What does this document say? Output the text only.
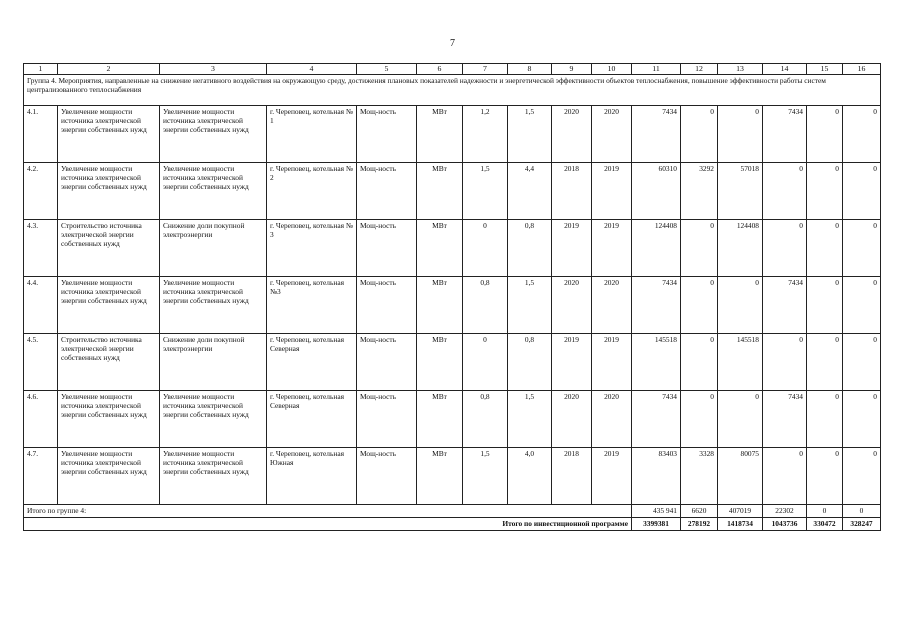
7
1	2	3	4	5	6	7	8	9	10	11	12	13	14	15	16
Группа 4. Мероприятия, направленные на снижение негативного воздействия на окружающую среду, достижения плановых показателей надежности и энергетической эффективности объектов теплоснабжения, повышение эффективности работы систем централизованного теплоснабжения															
4.1.	Увеличение мощности источника электрической энергии собственных нужд	Увеличение мощности источника электрической энергии собственных нужд	г. Череповец, котельная № 1	Мощ-ность	МВт	1,2	1,5	2020	2020	7434	0	0	7434	0	0
4.2.	Увеличение мощности источника электрической энергии собственных нужд	Увеличение мощности источника электрической энергии собственных нужд	г. Череповец, котельная № 2	Мощ-ность	МВт	1,5	4,4	2018	2019	60310	3292	57018	0	0	0
4.3.	Строительство источника электрической энергии собственных нужд	Снижение доли покупной электроэнергии	г. Череповец, котельная № 3	Мощ-ность	МВт	0	0,8	2019	2019	124408	0	124408	0	0	0
4.4.	Увеличение мощности источника электрической энергии собственных нужд	Увеличение мощности источника электрической энергии собственных нужд	г. Череповец, котельная №3	Мощ-ность	МВт	0,8	1,5	2020	2020	7434	0	0	7434	0	0
4.5.	Строительство источника электрической энергии собственных нужд	Снижение доли покупной электроэнергии	г. Череповец, котельная Северная	Мощ-ность	МВт	0	0,8	2019	2019	145518	0	145518	0	0	0
4.6.	Увеличение мощности источника электрической энергии собственных нужд	Увеличение мощности источника электрической энергии собственных нужд	г. Череповец, котельная Северная	Мощ-ность	МВт	0,8	1,5	2020	2020	7434	0	0	7434	0	0
4.7.	Увеличение мощности источника электрической энергии собственных нужд	Увеличение мощности источника электрической энергии собственных нужд	г. Череповец, котельная Южная	Мощ-ность	МВт	1,5	4,0	2018	2019	83403	3328	80075	0	0	0
Итого по группе 4:										435 941	6620	407019	22302	0	0
Итого по инвестиционной программе										3399381	278192	1418734	1043736	330472	328247
